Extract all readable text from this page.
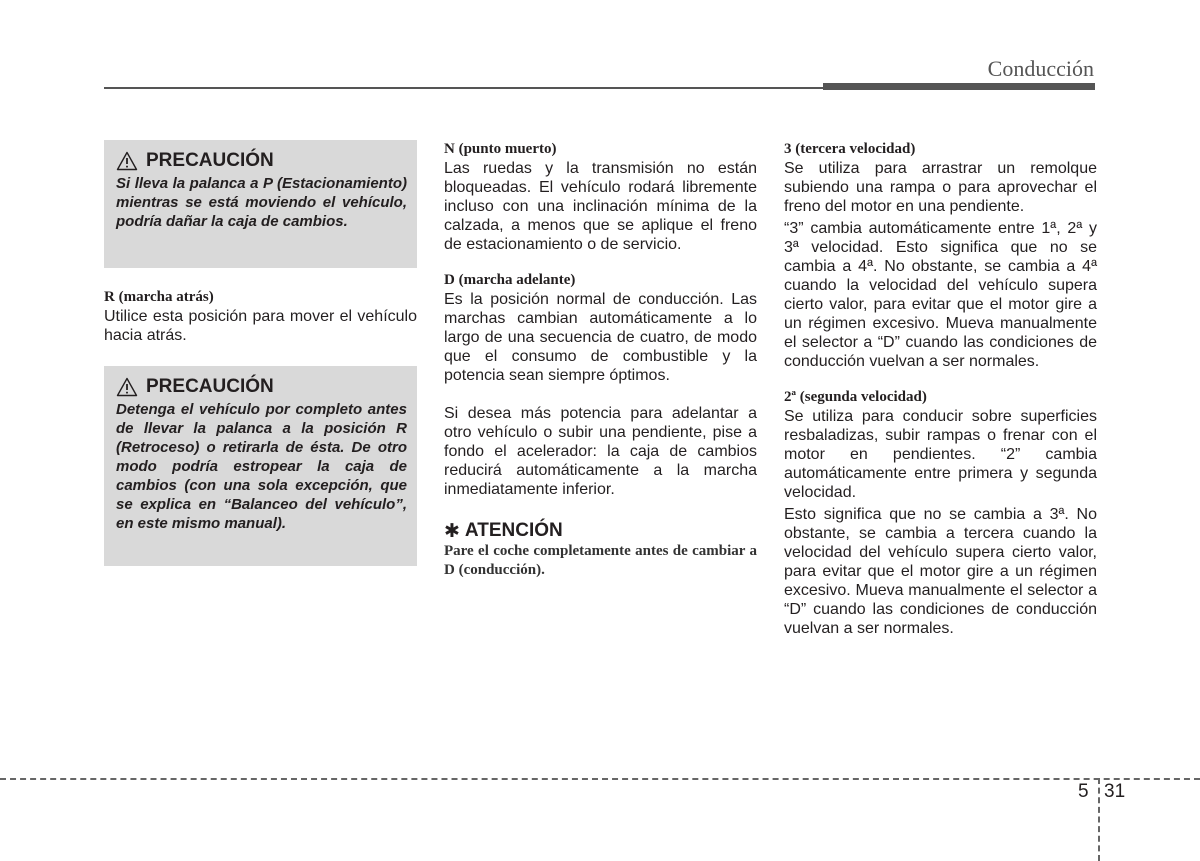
Conducción
PRECAUCIÓN
Si lleva la palanca a P (Estacionamiento) mientras se está moviendo el vehículo, podría dañar la caja de cambios.
R (marcha atrás)

Utilice esta posición para mover el vehículo hacia atrás.

PRECAUCIÓN
Detenga el vehículo por completo antes de llevar la palanca a la posición R (Retroceso) o retirarla de ésta. De otro modo podría estropear la caja de cambios (con una sola excepción, que se explica en “Balanceo del vehículo”, en este mismo manual).
N (punto muerto)

Las ruedas y la transmisión no están bloqueadas. El vehículo rodará libremente incluso con una inclinación mínima de la calzada, a menos que se aplique el freno de estacionamiento o de servicio.

D (marcha adelante)

Es la posición normal de conducción. Las marchas cambian automáticamente a lo largo de una secuencia de cuatro, de modo que el consumo de combustible y la potencia sean siempre óptimos.

Si desea más potencia para adelantar a otro vehículo o subir una pendiente, pise a fondo el acelerador: la caja de cambios reducirá automáticamente a la marcha inmediatamente inferior.

✱ ATENCIÓN
Pare el coche completamente antes de cambiar a D (conducción).
3 (tercera velocidad)

Se utiliza para arrastrar un remolque subiendo una rampa o para aprovechar el freno del motor en una pendiente.

“3” cambia automáticamente entre 1ª, 2ª y 3ª velocidad. Esto significa que no se cambia a 4ª. No obstante, se cambia a 4ª cuando la velocidad del vehículo supera cierto valor, para evitar que el motor gire a un régimen excesivo. Mueva manualmente el selector a “D” cuando las condiciones de conducción vuelvan a ser normales.

2ª (segunda velocidad)

Se utiliza para conducir sobre superficies resbaladizas, subir rampas o frenar con el motor en pendientes. “2” cambia automáticamente entre primera y segunda velocidad.

Esto significa que no se cambia a 3ª. No obstante, se cambia a tercera cuando la velocidad del vehículo supera cierto valor, para evitar que el motor gire a un régimen excesivo. Mueva manualmente el selector a “D” cuando las condiciones de conducción vuelvan a ser normales.

5 31
